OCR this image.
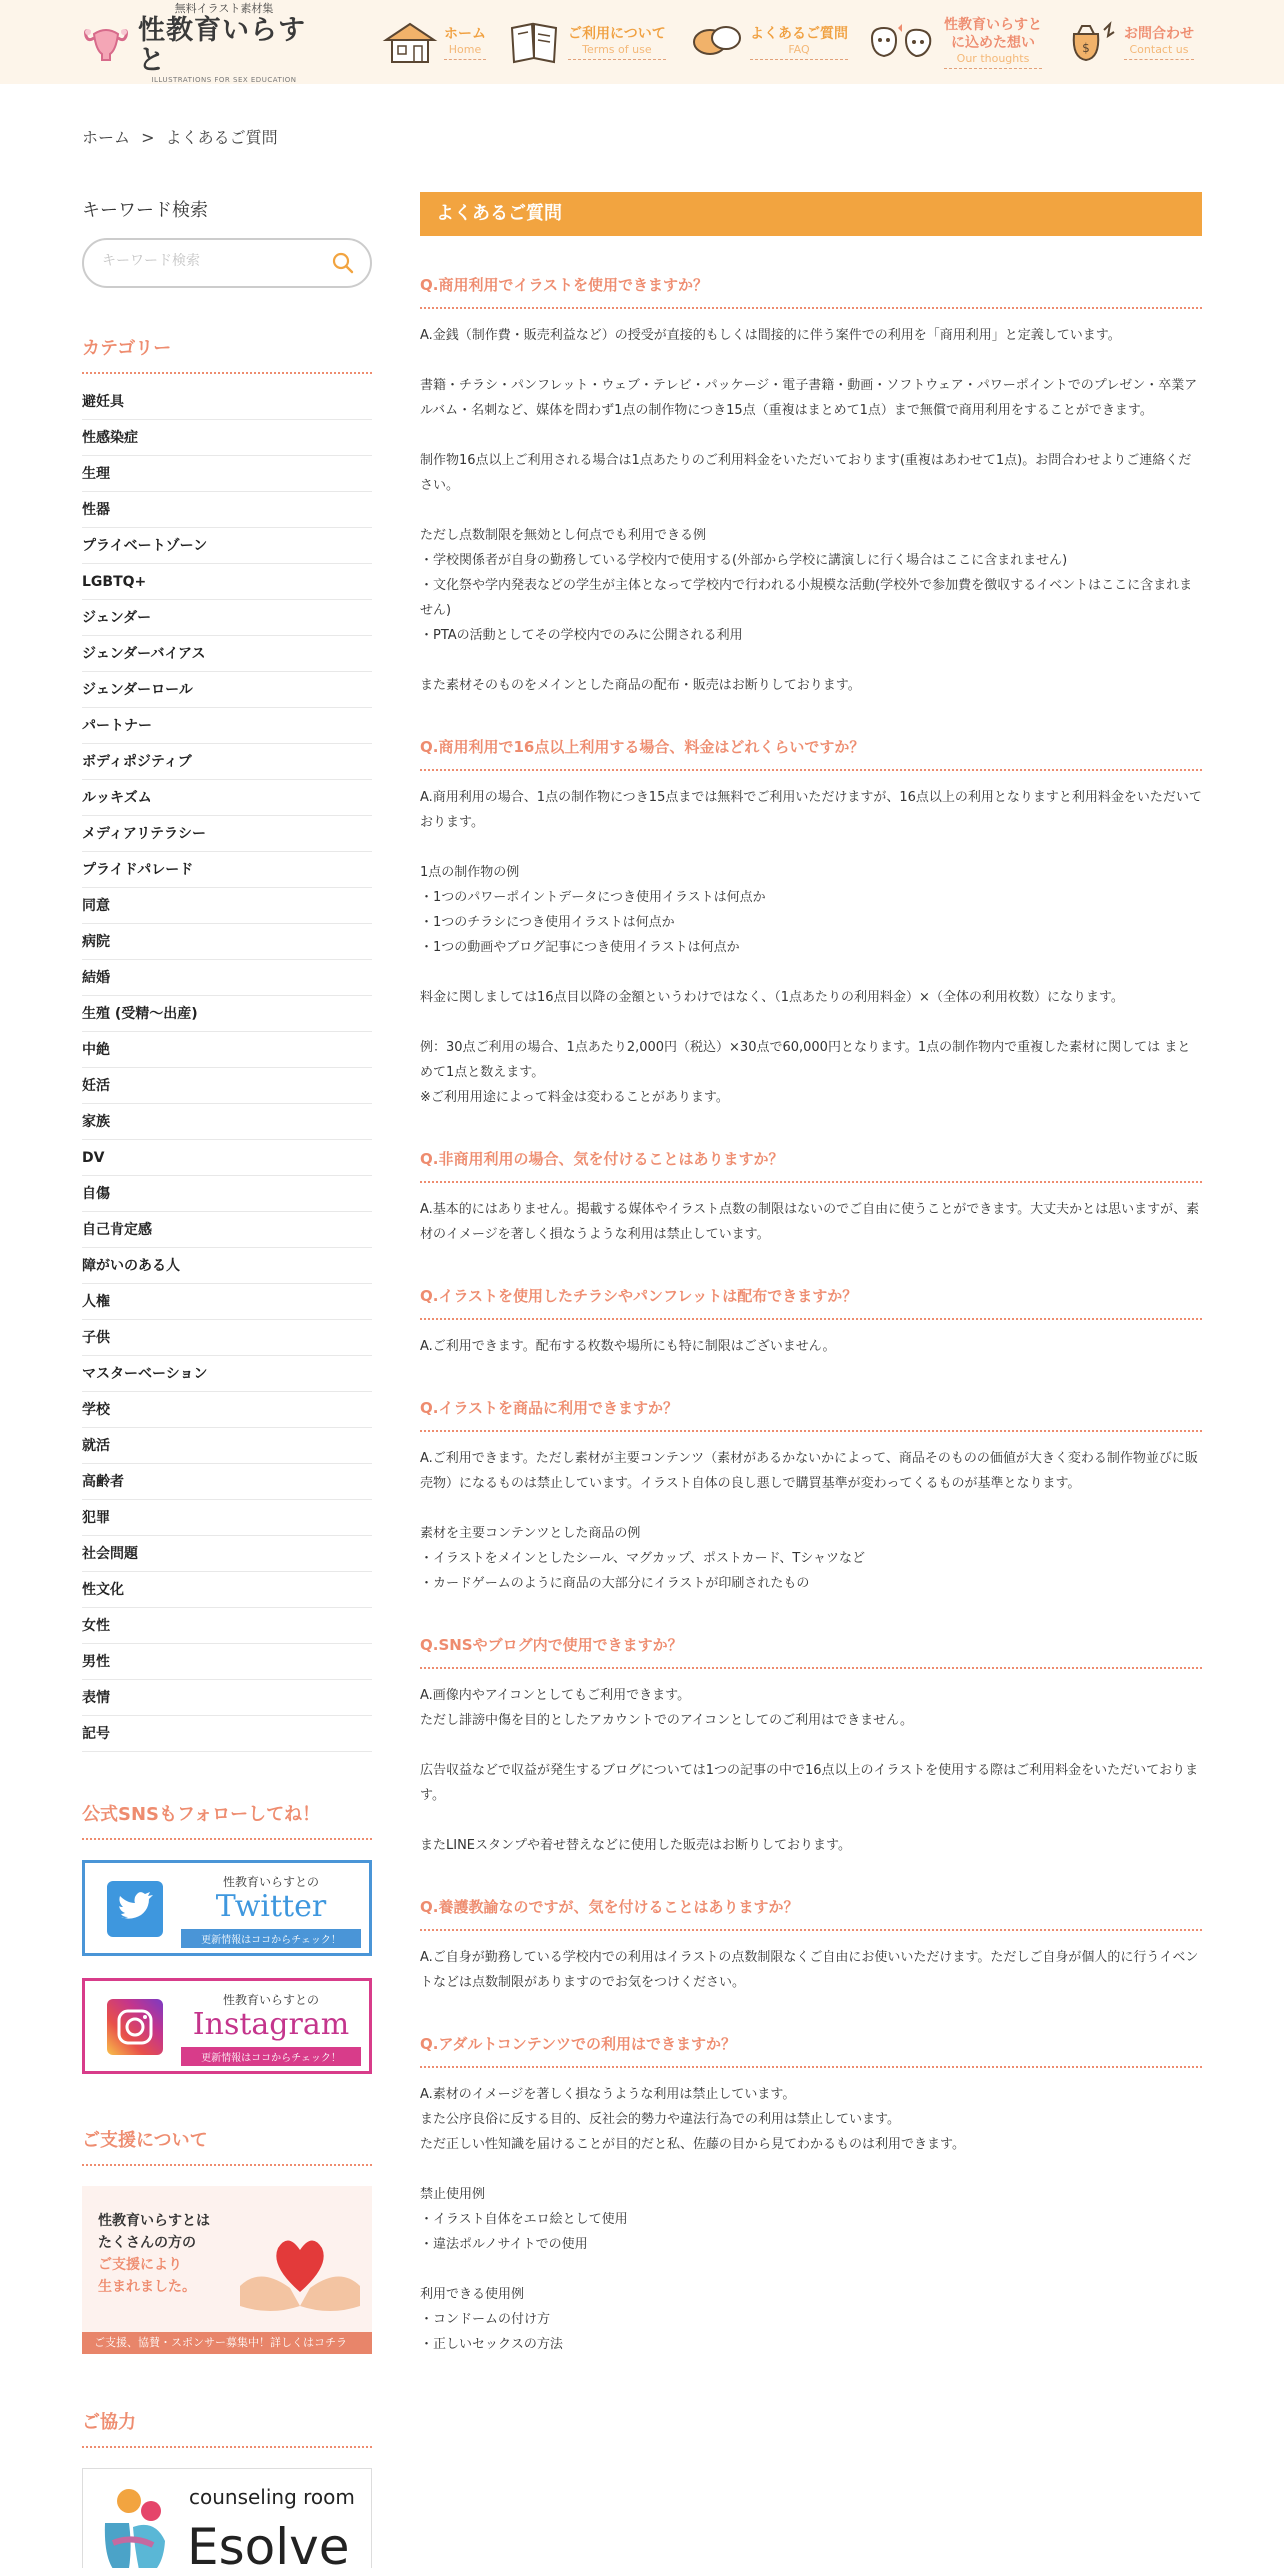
無料イラスト素材集
性教育いらすと
ILLUSTRATIONS FOR SEX EDUCATION
ホーム
Home
ご利用について
Terms of use
よくあるご質問
FAQ
性教育いらすと
に込めた想い
Our thoughts
$
お問合わせ
Contact us
ホーム > よくあるご質問
キーワード検索
キーワード検索
カテゴリー
避妊具
性感染症
生理
性器
プライベートゾーン
LGBTQ+
ジェンダー
ジェンダーバイアス
ジェンダーロール
パートナー
ボディポジティブ
ルッキズム
メディアリテラシー
プライドパレード
同意
病院
結婚
生殖 (受精〜出産)
中絶
妊活
家族
DV
自傷
自己肯定感
障がいのある人
人権
子供
マスターベーション
学校
就活
高齢者
犯罪
社会問題
性文化
女性
男性
表情
記号
公式SNSもフォローしてね！
性教育いらすとの
Twitter
更新情報はココからチェック！
性教育いらすとの
Instagram
更新情報はココからチェック！
ご支援について
性教育いらすとは
たくさんの方の
ご支援により
生まれました。
ご支援、協賛・スポンサー募集中！詳しくはコチラ
ご協力
counseling room
Esolve
よくあるご質問
Q.商用利用でイラストを使用できますか？

A.金銭（制作費・販売利益など）の授受が直接的もしくは間接的に伴う案件での利用を「商用利用」と定義しています。

書籍・チラシ・パンフレット・ウェブ・テレビ・パッケージ・電子書籍・動画・ソフトウェア・パワーポイントでのプレゼン・卒業アルバム・名刺など、媒体を問わず1点の制作物につき15点（重複はまとめて1点）まで無償で商用利用をすることができます。

制作物16点以上ご利用される場合は1点あたりのご利用料金をいただいております(重複はあわせて1点)。お問合わせよりご連絡ください。

ただし点数制限を無効とし何点でも利用できる例

・学校関係者が自身の勤務している学校内で使用する(外部から学校に講演しに行く場合はここに含まれません)

・文化祭や学内発表などの学生が主体となって学校内で行われる小規模な活動(学校外で参加費を徴収するイベントはここに含まれません)

・PTAの活動としてその学校内でのみに公開される利用

また素材そのものをメインとした商品の配布・販売はお断りしております。

Q.商用利用で16点以上利用する場合、料金はどれくらいですか？

A.商用利用の場合、1点の制作物につき15点までは無料でご利用いただけますが、16点以上の利用となりますと利用料金をいただいております。

1点の制作物の例

・1つのパワーポイントデータにつき使用イラストは何点か

・1つのチラシにつき使用イラストは何点か

・1つの動画やブログ記事につき使用イラストは何点か

料金に関しましては16点目以降の金額というわけではなく、（1点あたりの利用料金）×（全体の利用枚数）になります。

例：30点ご利用の場合、1点あたり2,000円（税込）×30点で60,000円となります。1点の制作物内で重複した素材に関しては まとめて1点と数えます。

※ご利用用途によって料金は変わることがあります。

Q.非商用利用の場合、気を付けることはありますか？

A.基本的にはありません。掲載する媒体やイラスト点数の制限はないのでご自由に使うことができます。大丈夫かとは思いますが、素材のイメージを著しく損なうような利用は禁止しています。

Q.イラストを使用したチラシやパンフレットは配布できますか？

A.ご利用できます。配布する枚数や場所にも特に制限はございません。

Q.イラストを商品に利用できますか？

A.ご利用できます。ただし素材が主要コンテンツ（素材があるかないかによって、商品そのものの価値が大きく変わる制作物並びに販売物）になるものは禁止しています。イラスト自体の良し悪しで購買基準が変わってくるものが基準となります。

素材を主要コンテンツとした商品の例

・イラストをメインとしたシール、マグカップ、ポストカード、Tシャツなど

・カードゲームのように商品の大部分にイラストが印刷されたもの

Q.SNSやブログ内で使用できますか？

A.画像内やアイコンとしてもご利用できます。

ただし誹謗中傷を目的としたアカウントでのアイコンとしてのご利用はできません。

広告収益などで収益が発生するブログについては1つの記事の中で16点以上のイラストを使用する際はご利用料金をいただいております。

またLINEスタンプや着せ替えなどに使用した販売はお断りしております。

Q.養護教諭なのですが、気を付けることはありますか？

A.ご自身が勤務している学校内での利用はイラストの点数制限なくご自由にお使いいただけます。ただしご自身が個人的に行うイベントなどは点数制限がありますのでお気をつけください。

Q.アダルトコンテンツでの利用はできますか？

A.素材のイメージを著しく損なうような利用は禁止しています。

また公序良俗に反する目的、反社会的勢力や違法行為での利用は禁止しています。

ただ正しい性知識を届けることが目的だと私、佐藤の目から見てわかるものは利用できます。

禁止使用例

・イラスト自体をエロ絵として使用

・違法ポルノサイトでの使用

利用できる使用例

・コンドームの付け方

・正しいセックスの方法
